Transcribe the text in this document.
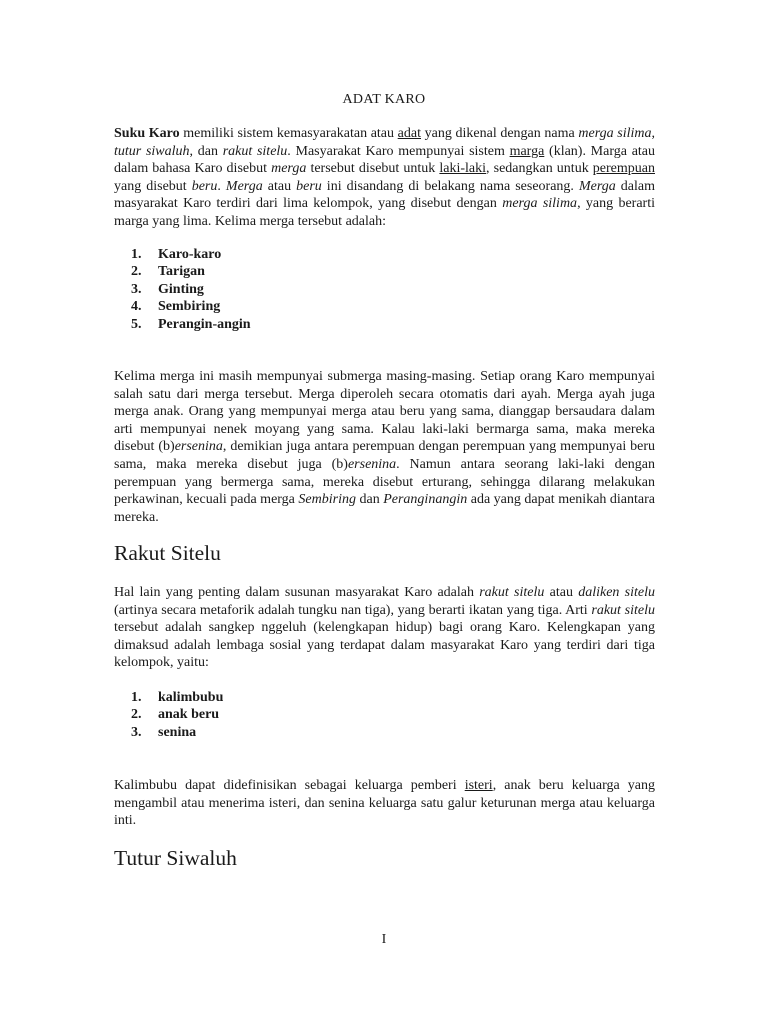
ADAT KARO

Suku Karo memiliki sistem kemasyarakatan atau adat yang dikenal dengan nama merga silima, tutur siwaluh, dan rakut sitelu. Masyarakat Karo mempunyai sistem marga (klan). Marga atau dalam bahasa Karo disebut merga tersebut disebut untuk laki-laki, sedangkan untuk perempuan yang disebut beru. Merga atau beru ini disandang di belakang nama seseorang. Merga dalam masyarakat Karo terdiri dari lima kelompok, yang disebut dengan merga silima, yang berarti marga yang lima. Kelima merga tersebut adalah:

1.	Karo-karo
2.	Tarigan
3.	Ginting
4.	Sembiring
5.	Perangin-angin

Kelima merga ini masih mempunyai submerga masing-masing. Setiap orang Karo mempunyai salah satu dari merga tersebut. Merga diperoleh secara otomatis dari ayah. Merga ayah juga merga anak. Orang yang mempunyai merga atau beru yang sama, dianggap bersaudara dalam arti mempunyai nenek moyang yang sama. Kalau laki-laki bermarga sama, maka mereka disebut (b)ersenina, demikian juga antara perempuan dengan perempuan yang mempunyai beru sama, maka mereka disebut juga (b)ersenina. Namun antara seorang laki-laki dengan perempuan yang bermerga sama, mereka disebut erturang, sehingga dilarang melakukan perkawinan, kecuali pada merga Sembiring dan Peranginangin ada yang dapat menikah diantara mereka.

Rakut Sitelu

Hal lain yang penting dalam susunan masyarakat Karo adalah rakut sitelu atau daliken sitelu (artinya secara metaforik adalah tungku nan tiga), yang berarti ikatan yang tiga. Arti rakut sitelu tersebut adalah sangkep nggeluh (kelengkapan hidup) bagi orang Karo. Kelengkapan yang dimaksud adalah lembaga sosial yang terdapat dalam masyarakat Karo yang terdiri dari tiga kelompok, yaitu:

1.	kalimbubu
2.	anak beru
3.	senina

Kalimbubu dapat didefinisikan sebagai keluarga pemberi isteri, anak beru keluarga yang mengambil atau menerima isteri, dan senina keluarga satu galur keturunan merga atau keluarga inti.

Tutur Siwaluh
I
